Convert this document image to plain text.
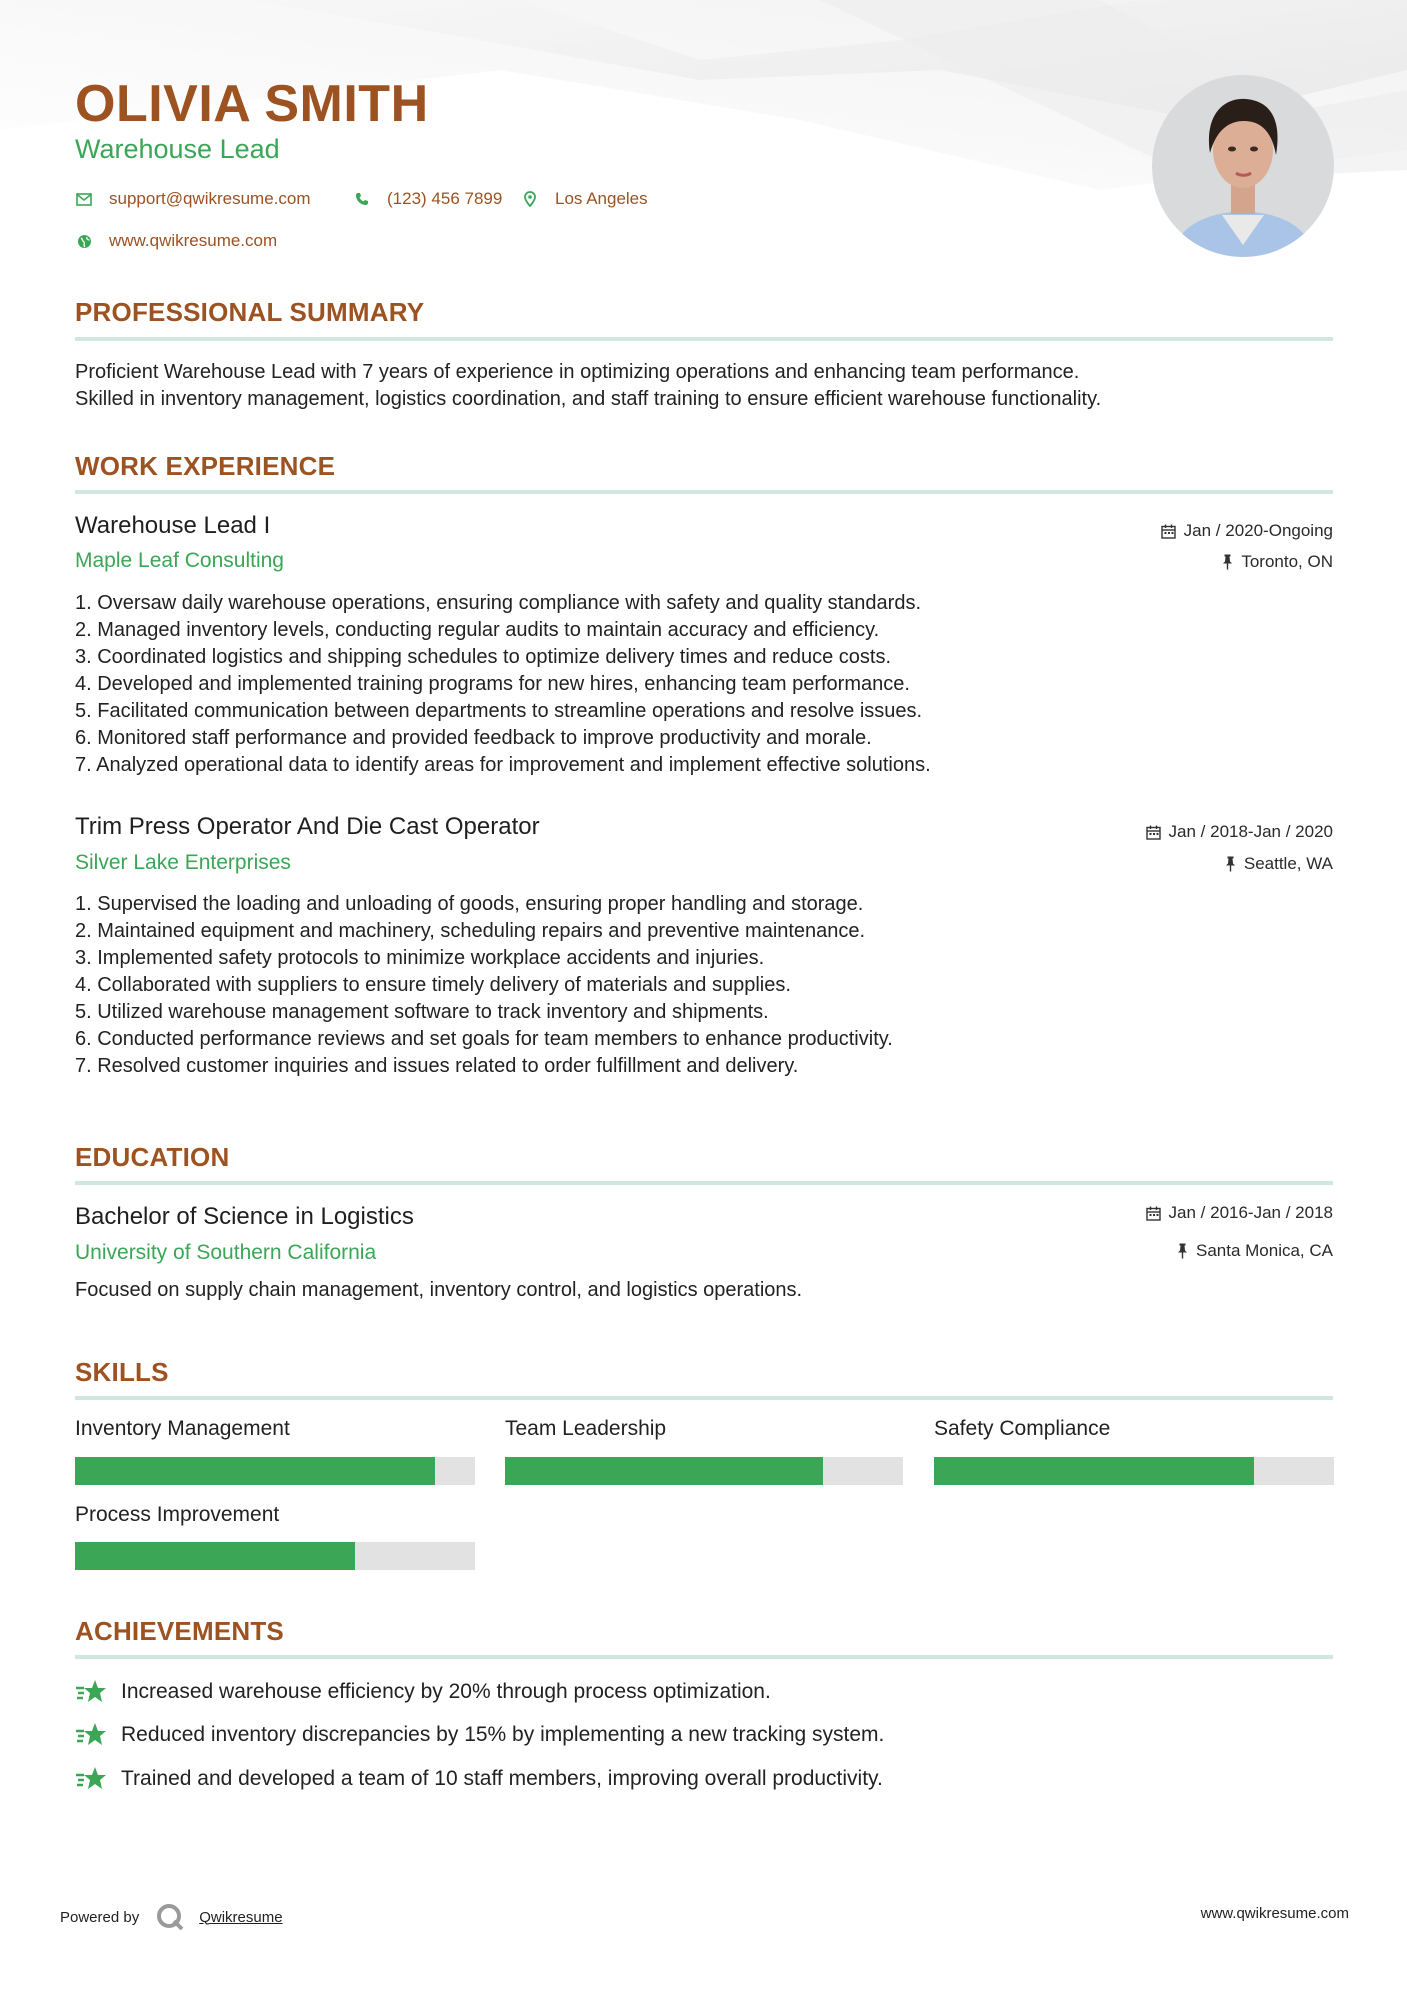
OLIVIA SMITH
Warehouse Lead
support@qwikresume.com	(123) 456 7899	Los Angeles
www.qwikresume.com
PROFESSIONAL SUMMARY
Proficient Warehouse Lead with 7 years of experience in optimizing operations and enhancing team performance.
Skilled in inventory management, logistics coordination, and staff training to ensure efficient warehouse functionality.
WORK EXPERIENCE
Warehouse Lead I
Maple Leaf Consulting
Jan / 2020-Ongoing
Toronto, ON
1. Oversaw daily warehouse operations, ensuring compliance with safety and quality standards.
2. Managed inventory levels, conducting regular audits to maintain accuracy and efficiency.
3. Coordinated logistics and shipping schedules to optimize delivery times and reduce costs.
4. Developed and implemented training programs for new hires, enhancing team performance.
5. Facilitated communication between departments to streamline operations and resolve issues.
6. Monitored staff performance and provided feedback to improve productivity and morale.
7. Analyzed operational data to identify areas for improvement and implement effective solutions.
Trim Press Operator And Die Cast Operator
Silver Lake Enterprises
Jan / 2018-Jan / 2020
Seattle, WA
1. Supervised the loading and unloading of goods, ensuring proper handling and storage.
2. Maintained equipment and machinery, scheduling repairs and preventive maintenance.
3. Implemented safety protocols to minimize workplace accidents and injuries.
4. Collaborated with suppliers to ensure timely delivery of materials and supplies.
5. Utilized warehouse management software to track inventory and shipments.
6. Conducted performance reviews and set goals for team members to enhance productivity.
7. Resolved customer inquiries and issues related to order fulfillment and delivery.
EDUCATION
Bachelor of Science in Logistics
University of Southern California
Jan / 2016-Jan / 2018
Santa Monica, CA
Focused on supply chain management, inventory control, and logistics operations.
SKILLS
Inventory Management	Team Leadership	Safety Compliance
Process Improvement
ACHIEVEMENTS
Increased warehouse efficiency by 20% through process optimization.
Reduced inventory discrepancies by 15% by implementing a new tracking system.
Trained and developed a team of 10 staff members, improving overall productivity.
Powered by	Qwikresume	www.qwikresume.com
